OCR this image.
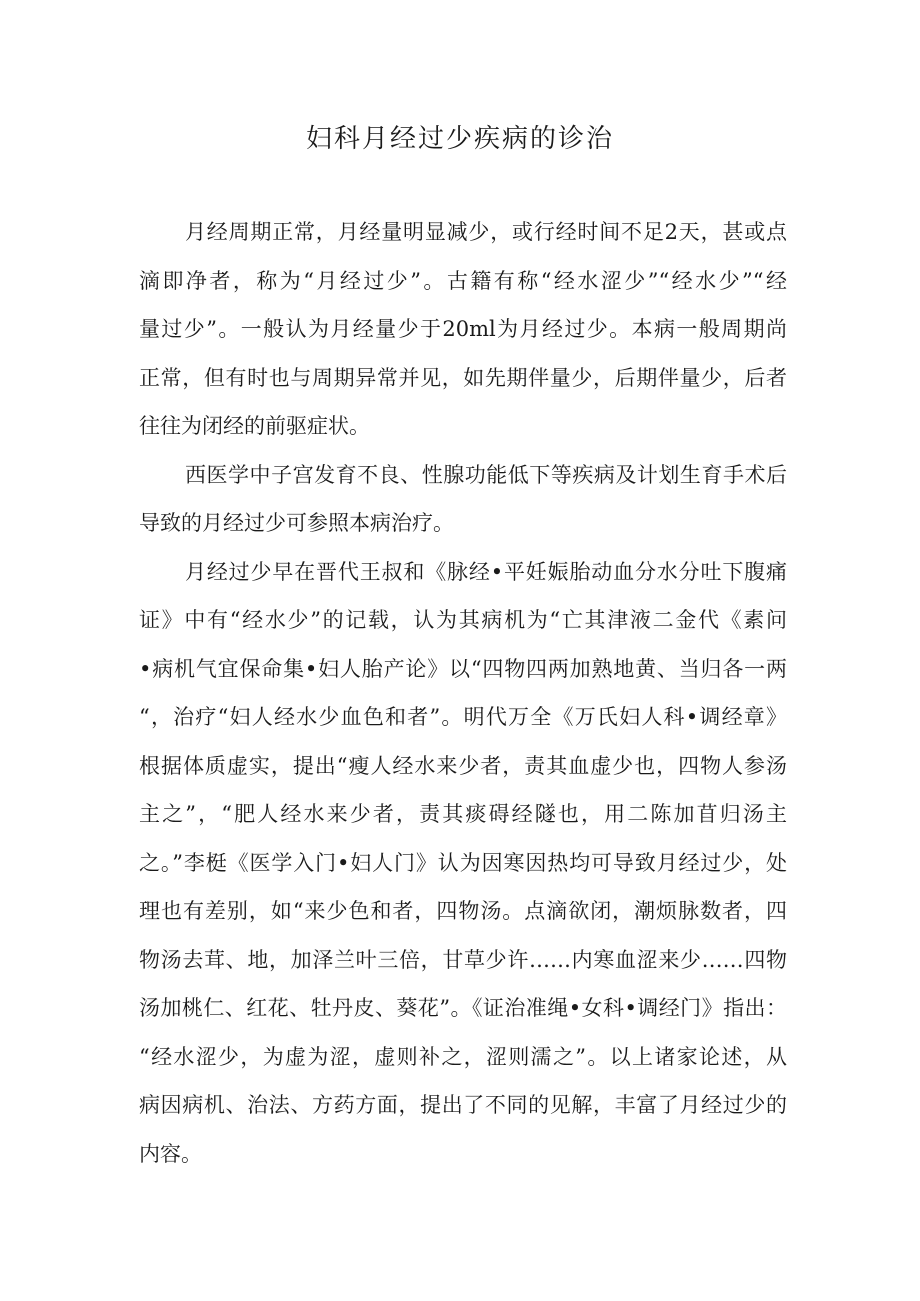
妇科月经过少疾病的诊治
月经周期正常，月经量明显减少，或行经时间不足2天，甚或点
滴即净者，称为“月经过少”。古籍有称“经水涩少”“经水少”“经
量过少”。一般认为月经量少于20ml为月经过少。本病一般周期尚
正常，但有时也与周期异常并见，如先期伴量少，后期伴量少，后者
往往为闭经的前驱症状。
西医学中子宫发育不良、性腺功能低下等疾病及计划生育手术后
导致的月经过少可参照本病治疗。
月经过少早在晋代王叔和《脉经•平妊娠胎动血分水分吐下腹痛
证》中有“经水少”的记载，认为其病机为“亡其津液二金代《素问
•病机气宜保命集•妇人胎产论》以“四物四两加熟地黄、当归各一两
“，治疗“妇人经水少血色和者”。明代万全《万氏妇人科•调经章》
根据体质虚实，提出“瘦人经水来少者，责其血虚少也，四物人参汤
主之”，“肥人经水来少者，责其痰碍经隧也，用二陈加苜归汤主
之。”李梃《医学入门•妇人门》认为因寒因热均可导致月经过少，处
理也有差别，如“来少色和者，四物汤。点滴欲闭，潮烦脉数者，四
物汤去茸、地，加泽兰叶三倍，甘草少许……内寒血涩来少……四物
汤加桃仁、红花、牡丹皮、葵花”。《证治准绳•女科•调经门》指出：
“经水涩少，为虚为涩，虚则补之，涩则濡之”。以上诸家论述，从
病因病机、治法、方药方面，提出了不同的见解，丰富了月经过少的
内容。
